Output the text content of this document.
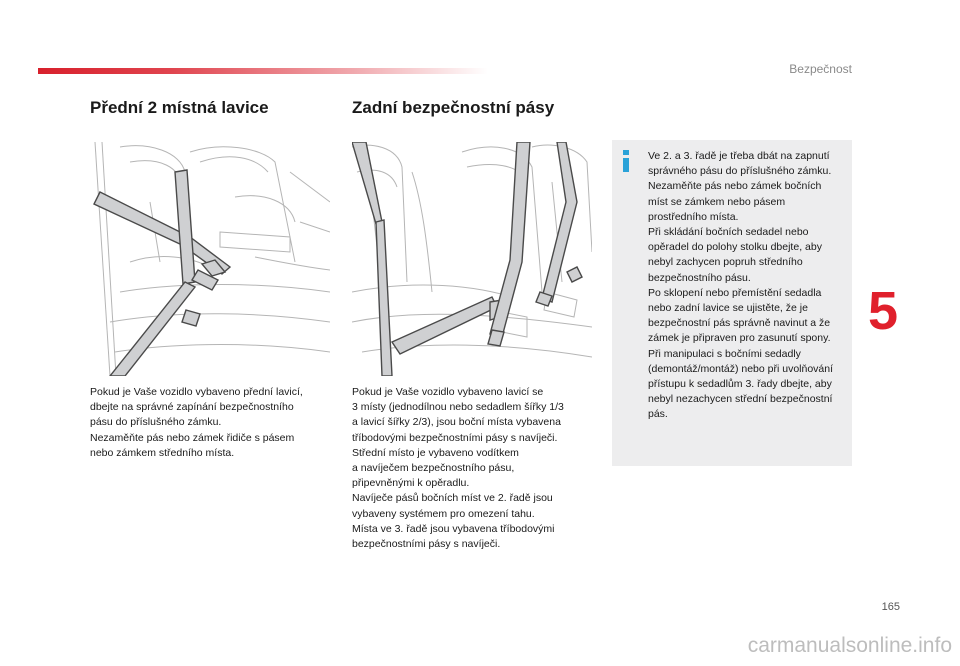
Bezpečnost
Přední 2 místná lavice	Zadní bezpečnostní pásy
Pokud je Vaše vozidlo vybaveno přední lavicí,
dbejte na správné zapínání bezpečnostního
pásu do příslušného zámku.
Nezaměňte pás nebo zámek řidiče s pásem
nebo zámkem středního místa.
Pokud je Vaše vozidlo vybaveno lavicí se
3 místy (jednodílnou nebo sedadlem šířky 1/3
a lavicí šířky 2/3), jsou boční místa vybavena
tříbodovými bezpečnostními pásy s navíječi.
Střední místo je vybaveno vodítkem
a navíječem bezpečnostního pásu,
připevněnými k opěradlu.
Navíječe pásů bočních míst ve 2. řadě jsou
vybaveny systémem pro omezení tahu.
Místa ve 3. řadě jsou vybavena tříbodovými
bezpečnostními pásy s navíječi.
Ve 2. a 3. řadě je třeba dbát na zapnutí
správného pásu do příslušného zámku.
Nezaměňte pás nebo zámek bočních
míst se zámkem nebo pásem
prostředního místa.
Při skládání bočních sedadel nebo
opěradel do polohy stolku dbejte, aby
nebyl zachycen popruh středního
bezpečnostního pásu.
Po sklopení nebo přemístění sedadla
nebo zadní lavice se ujistěte, že je
bezpečnostní pás správně navinut a že
zámek je připraven pro zasunutí spony.
Při manipulaci s bočními sedadly
(demontáž/montáž) nebo při uvolňování
přístupu k sedadlům 3. řady dbejte, aby
nebyl nezachycen střední bezpečnostní
pás.
5
165
carmanualsonline.info
